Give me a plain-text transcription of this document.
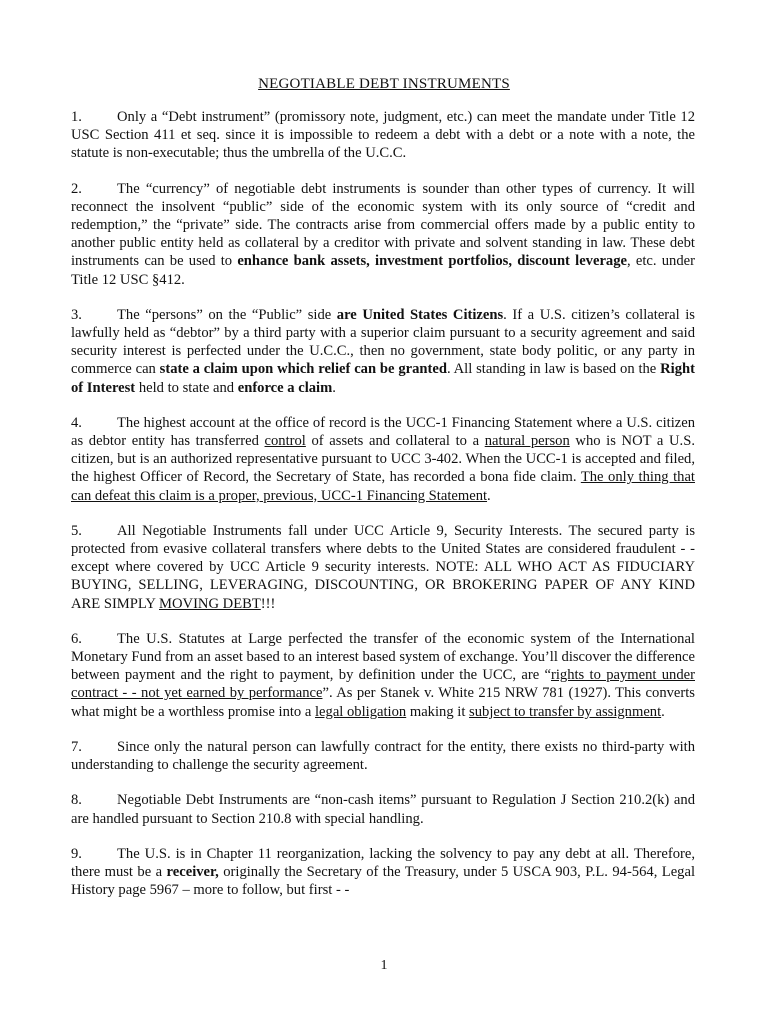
NEGOTIABLE DEBT INSTRUMENTS

1. Only a “Debt instrument” (promissory note, judgment, etc.) can meet the mandate under Title 12 USC Section 411 et seq. since it is impossible to redeem a debt with a debt or a note with a note, the statute is non-executable; thus the umbrella of the U.C.C.

2. The “currency” of negotiable debt instruments is sounder than other types of currency. It will reconnect the insolvent “public” side of the economic system with its only source of “credit and redemption,” the “private” side. The contracts arise from commercial offers made by a public entity to another public entity held as collateral by a creditor with private and solvent standing in law. These debt instruments can be used to enhance bank assets, investment portfolios, discount leverage, etc. under Title 12 USC §412.

3. The “persons” on the “Public” side are United States Citizens. If a U.S. citizen’s collateral is lawfully held as “debtor” by a third party with a superior claim pursuant to a security agreement and said security interest is perfected under the U.C.C., then no government, state body politic, or any party in commerce can state a claim upon which relief can be granted. All standing in law is based on the Right of Interest held to state and enforce a claim.

4. The highest account at the office of record is the UCC-1 Financing Statement where a U.S. citizen as debtor entity has transferred control of assets and collateral to a natural person who is NOT a U.S. citizen, but is an authorized representative pursuant to UCC 3-402. When the UCC-1 is accepted and filed, the highest Officer of Record, the Secretary of State, has recorded a bona fide claim. The only thing that can defeat this claim is a proper, previous, UCC-1 Financing Statement.

5. All Negotiable Instruments fall under UCC Article 9, Security Interests. The secured party is protected from evasive collateral transfers where debts to the United States are considered fraudulent - - except where covered by UCC Article 9 security interests. NOTE: ALL WHO ACT AS FIDUCIARY BUYING, SELLING, LEVERAGING, DISCOUNTING, OR BROKERING PAPER OF ANY KIND ARE SIMPLY MOVING DEBT!!!

6. The U.S. Statutes at Large perfected the transfer of the economic system of the International Monetary Fund from an asset based to an interest based system of exchange. You’ll discover the difference between payment and the right to payment, by definition under the UCC, are “rights to payment under contract - - not yet earned by performance”. As per Stanek v. White 215 NRW 781 (1927). This converts what might be a worthless promise into a legal obligation making it subject to transfer by assignment.

7. Since only the natural person can lawfully contract for the entity, there exists no third-party with understanding to challenge the security agreement.

8. Negotiable Debt Instruments are “non-cash items” pursuant to Regulation J Section 210.2(k) and are handled pursuant to Section 210.8 with special handling.

9. The U.S. is in Chapter 11 reorganization, lacking the solvency to pay any debt at all. Therefore, there must be a receiver, originally the Secretary of the Treasury, under 5 USCA 903, P.L. 94-564, Legal History page 5967 – more to follow, but first - -

1
